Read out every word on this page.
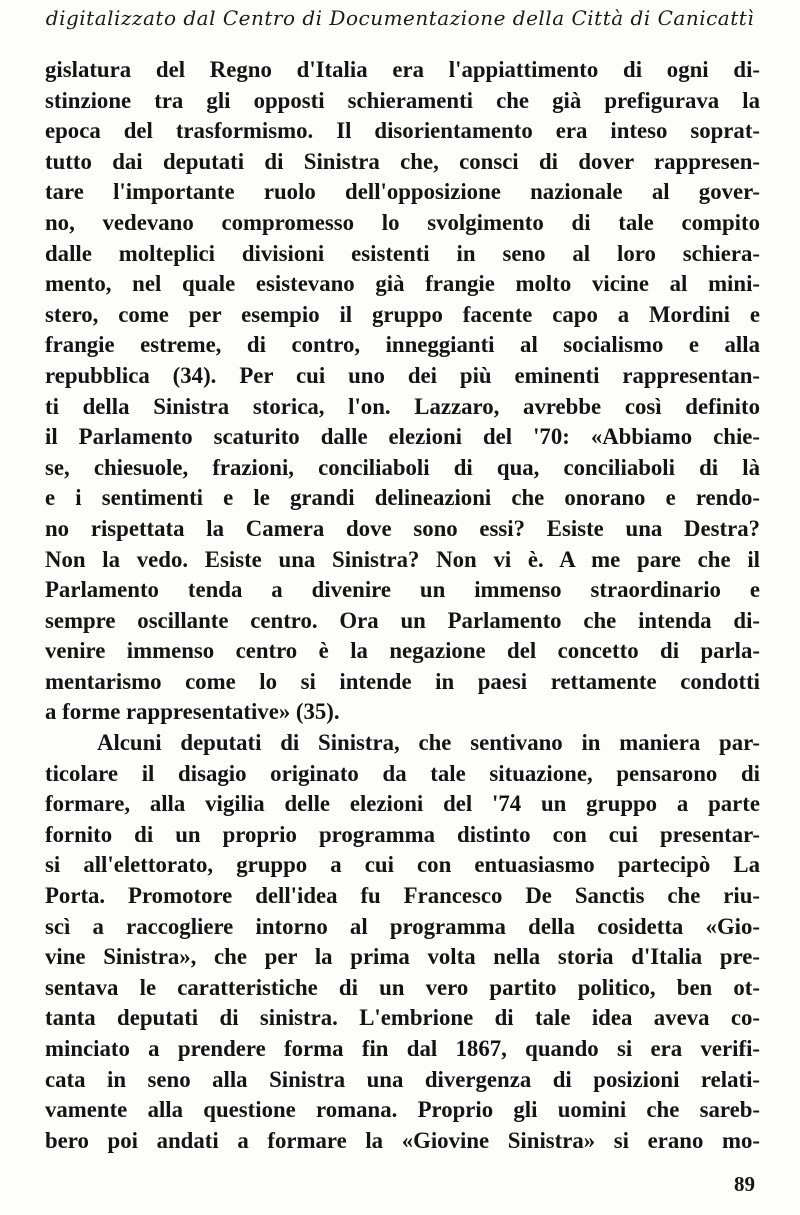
digitalizzato dal Centro di Documentazione della Città di Canicattì
gislatura del Regno d'Italia era l'appiattimento di ogni di-
stinzione tra gli opposti schieramenti che già prefigurava la
epoca del trasformismo. Il disorientamento era inteso soprat-
tutto dai deputati di Sinistra che, consci di dover rappresen-
tare l'importante ruolo dell'opposizione nazionale al gover-
no, vedevano compromesso lo svolgimento di tale compito
dalle molteplici divisioni esistenti in seno al loro schiera-
mento, nel quale esistevano già frangie molto vicine al mini-
stero, come per esempio il gruppo facente capo a Mordini e
frangie estreme, di contro, inneggianti al socialismo e alla
repubblica (34). Per cui uno dei più eminenti rappresentan-
ti della Sinistra storica, l'on. Lazzaro, avrebbe così definito
il Parlamento scaturito dalle elezioni del '70: «Abbiamo chie-
se, chiesuole, frazioni, conciliaboli di qua, conciliaboli di là
e i sentimenti e le grandi delineazioni che onorano e rendo-
no rispettata la Camera dove sono essi? Esiste una Destra?
Non la vedo. Esiste una Sinistra? Non vi è. A me pare che il
Parlamento tenda a divenire un immenso straordinario e
sempre oscillante centro. Ora un Parlamento che intenda di-
venire immenso centro è la negazione del concetto di parla-
mentarismo come lo si intende in paesi rettamente condotti
a forme rappresentative» (35).
Alcuni deputati di Sinistra, che sentivano in maniera par-
ticolare il disagio originato da tale situazione, pensarono di
formare, alla vigilia delle elezioni del '74 un gruppo a parte
fornito di un proprio programma distinto con cui presentar-
si all'elettorato, gruppo a cui con entuasiasmo partecipò La
Porta. Promotore dell'idea fu Francesco De Sanctis che riu-
scì a raccogliere intorno al programma della cosidetta «Gio-
vine Sinistra», che per la prima volta nella storia d'Italia pre-
sentava le caratteristiche di un vero partito politico, ben ot-
tanta deputati di sinistra. L'embrione di tale idea aveva co-
minciato a prendere forma fin dal 1867, quando si era verifi-
cata in seno alla Sinistra una divergenza di posizioni relati-
vamente alla questione romana. Proprio gli uomini che sareb-
bero poi andati a formare la «Giovine Sinistra» si erano mo-
89
